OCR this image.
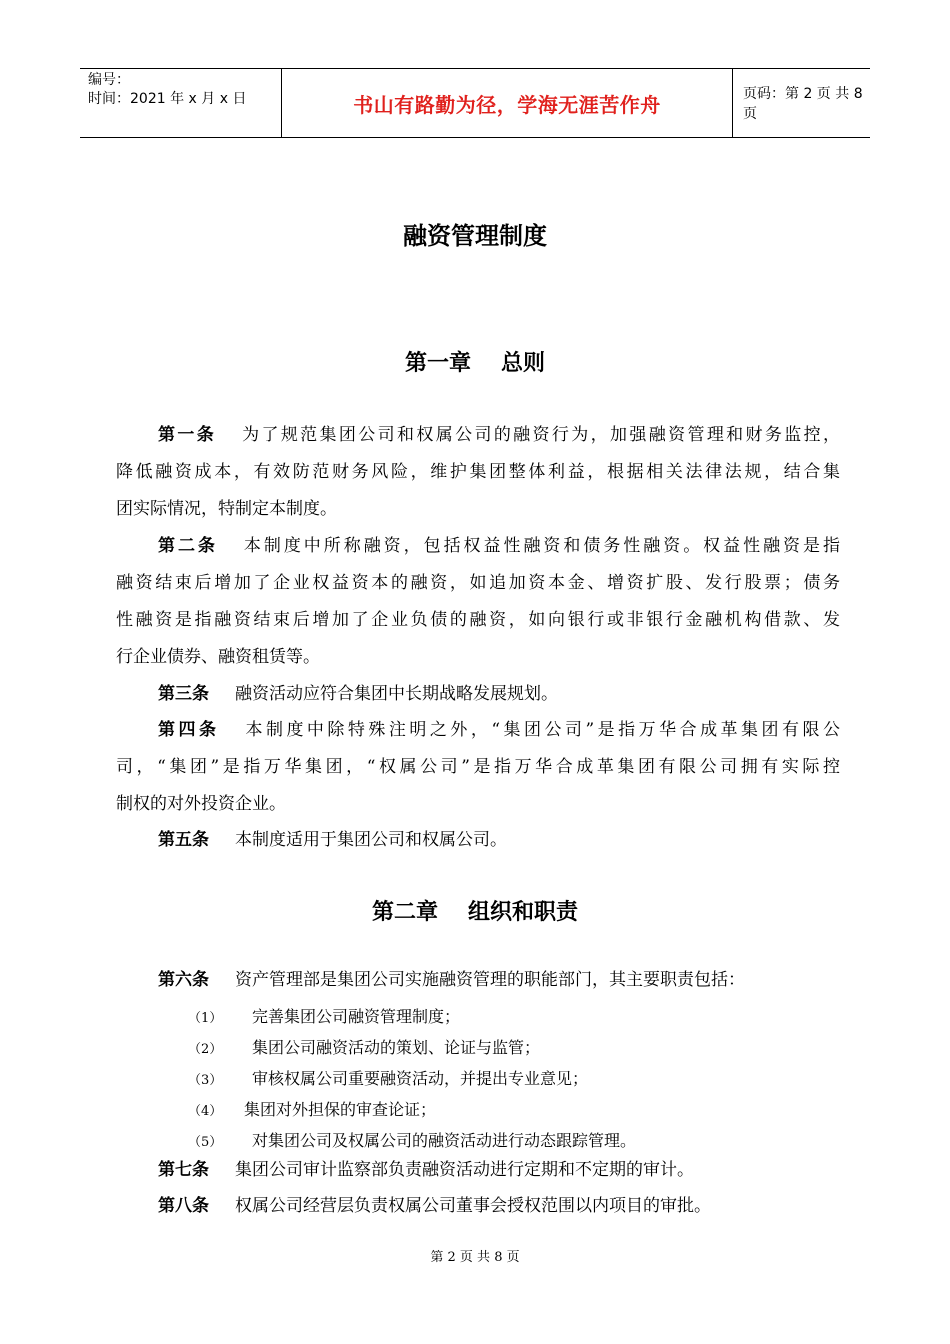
编号：
时间：2021 年 x 月 x 日	书山有路勤为径，学海无涯苦作舟	页码：第 2 页 共 8 页
融资管理制度
第一章 总则
第一条 为了规范集团公司和权属公司的融资行为，加强融资管理和财务监控，
降低融资成本，有效防范财务风险，维护集团整体利益，根据相关法律法规，结合集
团实际情况，特制定本制度。
第二条 本制度中所称融资，包括权益性融资和债务性融资。权益性融资是指
融资结束后增加了企业权益资本的融资，如追加资本金、增资扩股、发行股票；债务
性融资是指融资结束后增加了企业负债的融资，如向银行或非银行金融机构借款、发
行企业债券、融资租赁等。
第三条 融资活动应符合集团中长期战略发展规划。
第四条 本制度中除特殊注明之外，“集团公司”是指万华合成革集团有限公
司，“集团”是指万华集团，“权属公司”是指万华合成革集团有限公司拥有实际控
制权的对外投资企业。
第五条 本制度适用于集团公司和权属公司。
第二章 组织和职责
第六条 资产管理部是集团公司实施融资管理的职能部门，其主要职责包括：
（1） 完善集团公司融资管理制度；
（2） 集团公司融资活动的策划、论证与监管；
（3） 审核权属公司重要融资活动，并提出专业意见；
（4） 集团对外担保的审查论证；
（5） 对集团公司及权属公司的融资活动进行动态跟踪管理。
第七条 集团公司审计监察部负责融资活动进行定期和不定期的审计。
第八条 权属公司经营层负责权属公司董事会授权范围以内项目的审批。
第 2 页 共 8 页
